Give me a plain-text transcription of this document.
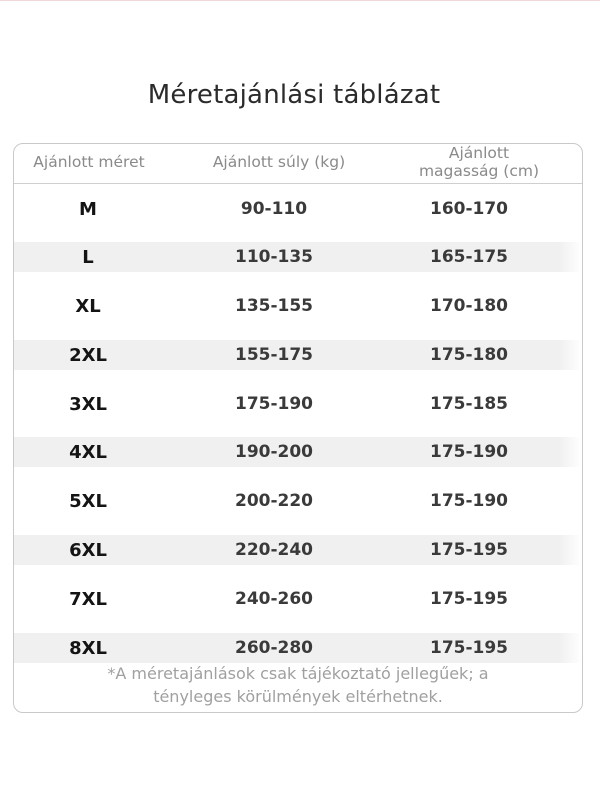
Méretajánlási táblázat
Ajánlott méret	Ajánlott súly (kg)	Ajánlott
magasság (cm)
M	90-110	160-170
L	110-135	165-175
XL	135-155	170-180
2XL	155-175	175-180
3XL	175-190	175-185
4XL	190-200	175-190
5XL	200-220	175-190
6XL	220-240	175-195
7XL	240-260	175-195
8XL	260-280	175-195
*A méretajánlások csak tájékoztató jellegűek; a
tényleges körülmények eltérhetnek.
